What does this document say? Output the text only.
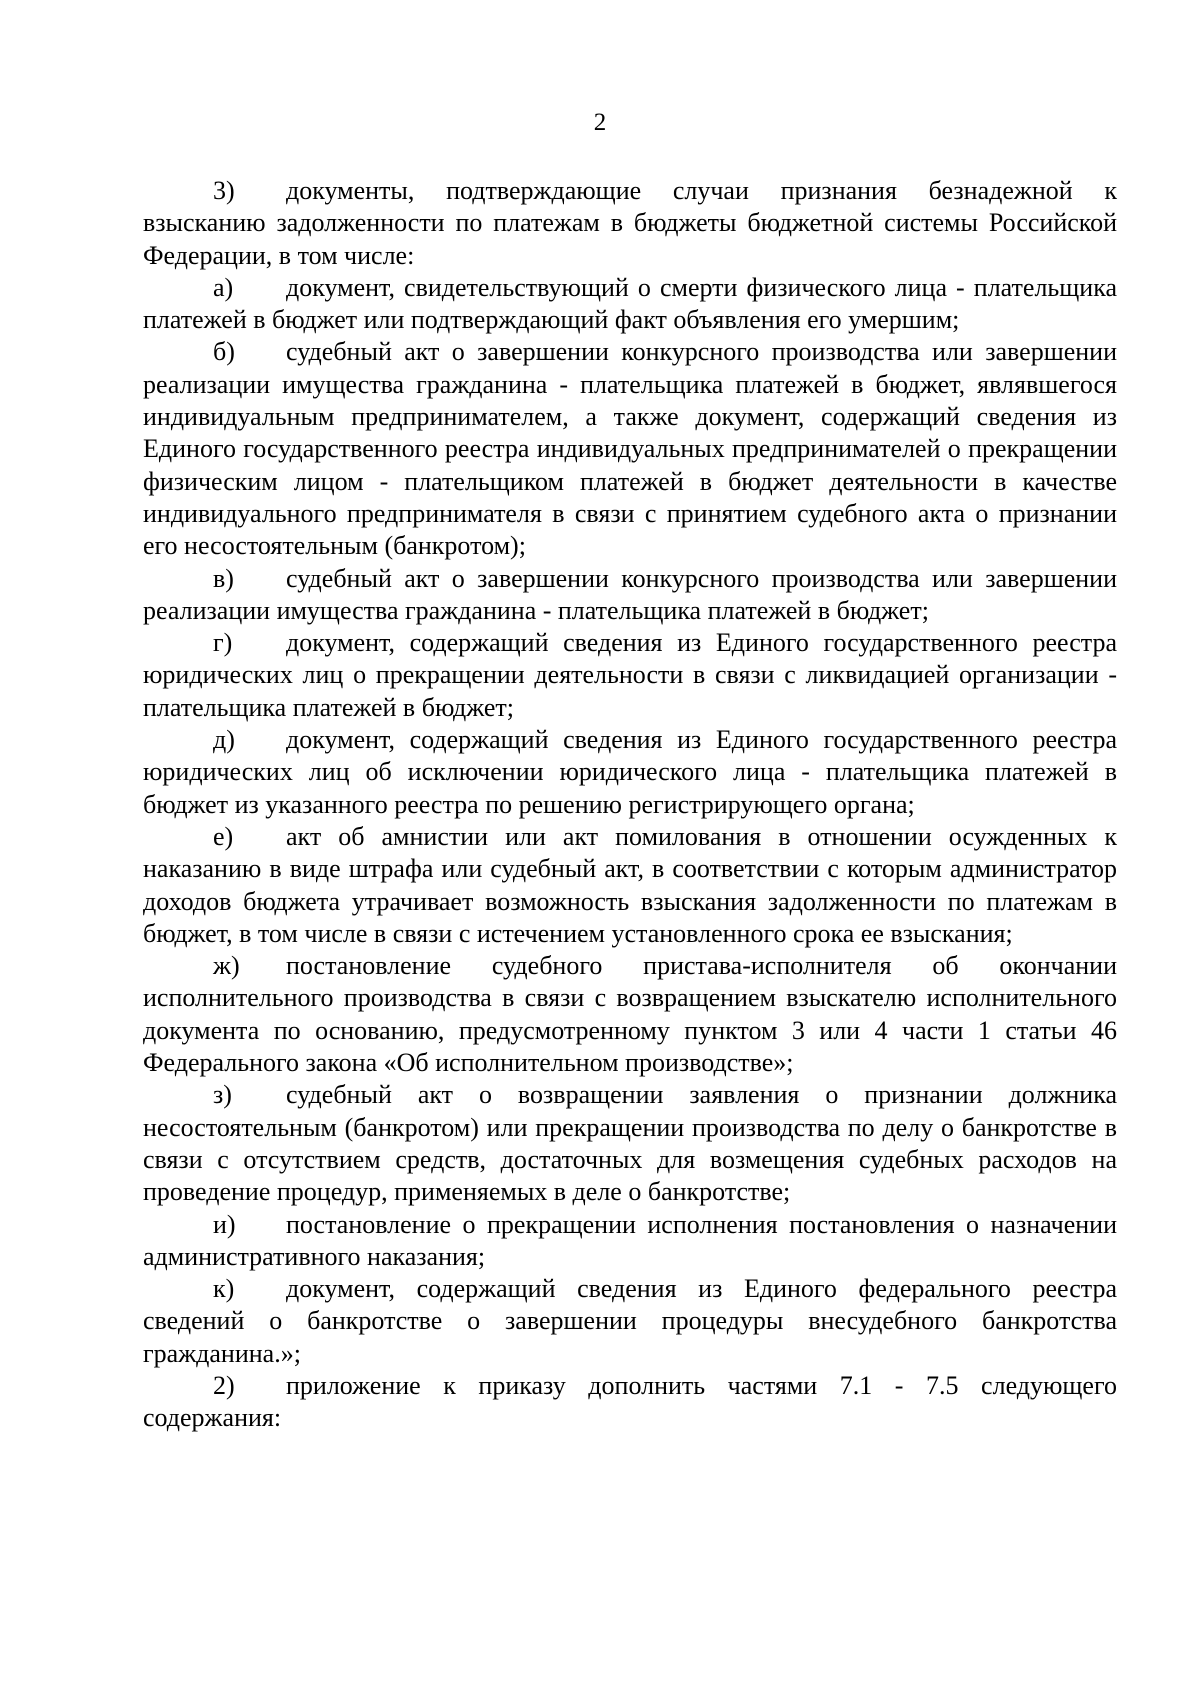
2

3) документы, подтверждающие случаи признания безнадежной к взысканию задолженности по платежам в бюджеты бюджетной системы Российской Федерации, в том числе:

а) документ, свидетельствующий о смерти физического лица - плательщика платежей в бюджет или подтверждающий факт объявления его умершим;

б) судебный акт о завершении конкурсного производства или завершении реализации имущества гражданина - плательщика платежей в бюджет, являвшегося индивидуальным предпринимателем, а также документ, содержащий сведения из Единого государственного реестра индивидуальных предпринимателей о прекращении физическим лицом - плательщиком платежей в бюджет деятельности в качестве индивидуального предпринимателя в связи с принятием судебного акта о признании его несостоятельным (банкротом);

в) судебный акт о завершении конкурсного производства или завершении реализации имущества гражданина - плательщика платежей в бюджет;

г) документ, содержащий сведения из Единого государственного реестра юридических лиц о прекращении деятельности в связи с ликвидацией организации - плательщика платежей в бюджет;

д) документ, содержащий сведения из Единого государственного реестра юридических лиц об исключении юридического лица - плательщика платежей в бюджет из указанного реестра по решению регистрирующего органа;

е) акт об амнистии или акт помилования в отношении осужденных к наказанию в виде штрафа или судебный акт, в соответствии с которым администратор доходов бюджета утрачивает возможность взыскания задолженности по платежам в бюджет, в том числе в связи с истечением установленного срока ее взыскания;

ж) постановление судебного пристава-исполнителя об окончании исполнительного производства в связи с возвращением взыскателю исполнительного документа по основанию, предусмотренному пунктом 3 или 4 части 1 статьи 46 Федерального закона «Об исполнительном производстве»;

з) судебный акт о возвращении заявления о признании должника несостоятельным (банкротом) или прекращении производства по делу о банкротстве в связи с отсутствием средств, достаточных для возмещения судебных расходов на проведение процедур, применяемых в деле о банкротстве;

и) постановление о прекращении исполнения постановления о назначении административного наказания;

к) документ, содержащий сведения из Единого федерального реестра сведений о банкротстве о завершении процедуры внесудебного банкротства гражданина.»;

2) приложение к приказу дополнить частями 7.1 - 7.5 следующего содержания:
